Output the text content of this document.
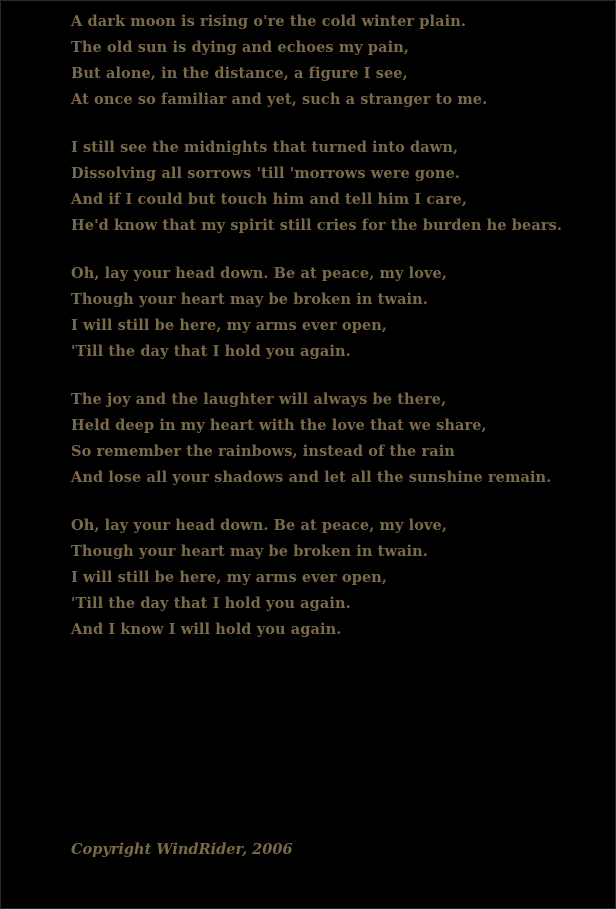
A dark moon is rising o're the cold winter plain.
The old sun is dying and echoes my pain,
But alone, in the distance, a figure I see,
At once so familiar and yet, such a stranger to me.
I still see the midnights that turned into dawn,
Dissolving all sorrows 'till 'morrows were gone.
And if I could but touch him and tell him I care,
He'd know that my spirit still cries for the burden he bears.
Oh, lay your head down. Be at peace, my love,
Though your heart may be broken in twain.
I will still be here, my arms ever open,
'Till the day that I hold you again.
The joy and the laughter will always be there,
Held deep in my heart with the love that we share,
So remember the rainbows, instead of the rain
And lose all your shadows and let all the sunshine remain.
Oh, lay your head down. Be at peace, my love,
Though your heart may be broken in twain.
I will still be here, my arms ever open,
'Till the day that I hold you again.
And I know I will hold you again.
Copyright WindRider, 2006
